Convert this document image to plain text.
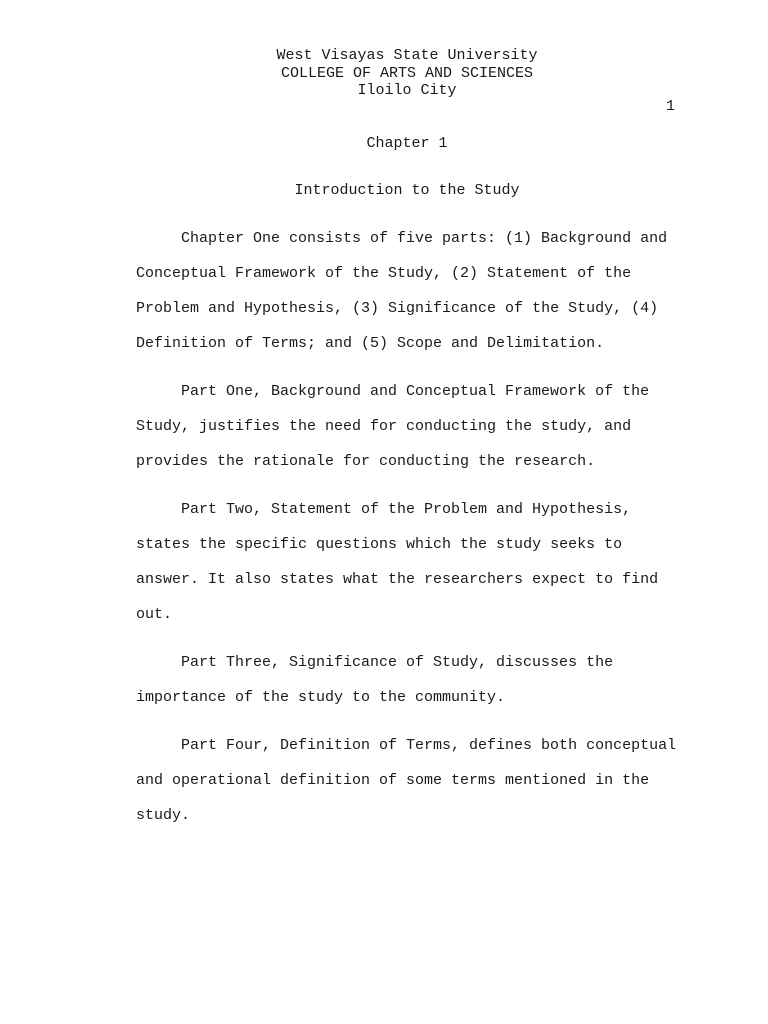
West Visayas State University
COLLEGE OF ARTS AND SCIENCES
Iloilo City
1
Chapter 1
Introduction to the Study

Chapter One consists of five parts: (1) Background and Conceptual Framework of the Study, (2) Statement of the Problem and Hypothesis, (3) Significance of the Study, (4) Definition of Terms; and (5) Scope and Delimitation.

Part One, Background and Conceptual Framework of the Study, justifies the need for conducting the study, and provides the rationale for conducting the research.

Part Two, Statement of the Problem and Hypothesis, states the specific questions which the study seeks to answer. It also states what the researchers expect to find out.

Part Three, Significance of Study, discusses the importance of the study to the community.

Part Four, Definition of Terms, defines both conceptual and operational definition of some terms mentioned in the study.
